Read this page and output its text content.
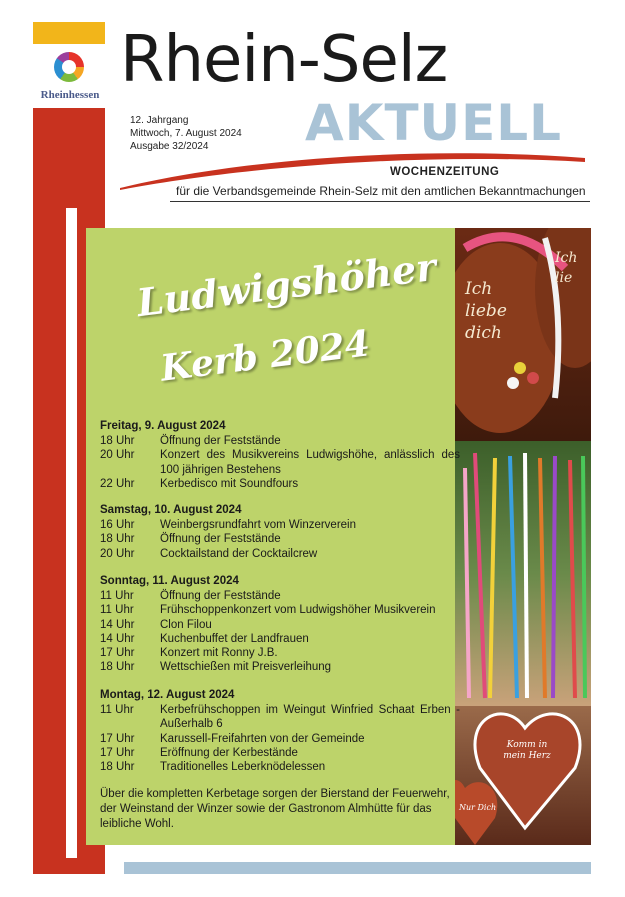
Rheinhessen Rhein-Selz
AKTUELL
12. Jahrgang
Mittwoch, 7. August 2024
Ausgabe 32/2024
WOCHENZEITUNG
für die Verbandsgemeinde Rhein-Selz mit den amtlichen Bekanntmachungen
Ich liebe dich
Ich lie
Komm in mein Herz
Nur Dich
Ludwigshöher
Kerb 2024
Freitag, 9. August 2024
18 Uhr	Öffnung der Feststände
20 Uhr	Konzert des Musikvereins Ludwigshöhe, anlässlich des 100 jährigen Bestehens
22 Uhr	Kerbedisco mit Soundfours
Samstag, 10. August 2024
16 Uhr	Weinbergsrundfahrt vom Winzerverein
18 Uhr	Öffnung der Feststände
20 Uhr	Cocktailstand der Cocktailcrew
Sonntag, 11. August 2024
11 Uhr	Öffnung der Feststände
11 Uhr	Frühschoppenkonzert vom Ludwigshöher Musikverein
14 Uhr	Clon Filou
14 Uhr	Kuchenbuffet der Landfrauen
17 Uhr	Konzert mit Ronny J.B.
18 Uhr	Wettschießen mit Preisverleihung
Montag, 12. August 2024
11 Uhr	Kerbefrühschoppen im Weingut Winfried Schaat Erben - Außerhalb 6
17 Uhr	Karussell-Freifahrten von der Gemeinde
17 Uhr	Eröffnung der Kerbestände
18 Uhr	Traditionelles Leberknödelessen
Über die kompletten Kerbetage sorgen der Bierstand der Feuerwehr, der Weinstand der Winzer sowie der Gastronom Almhütte für das leibliche Wohl.
